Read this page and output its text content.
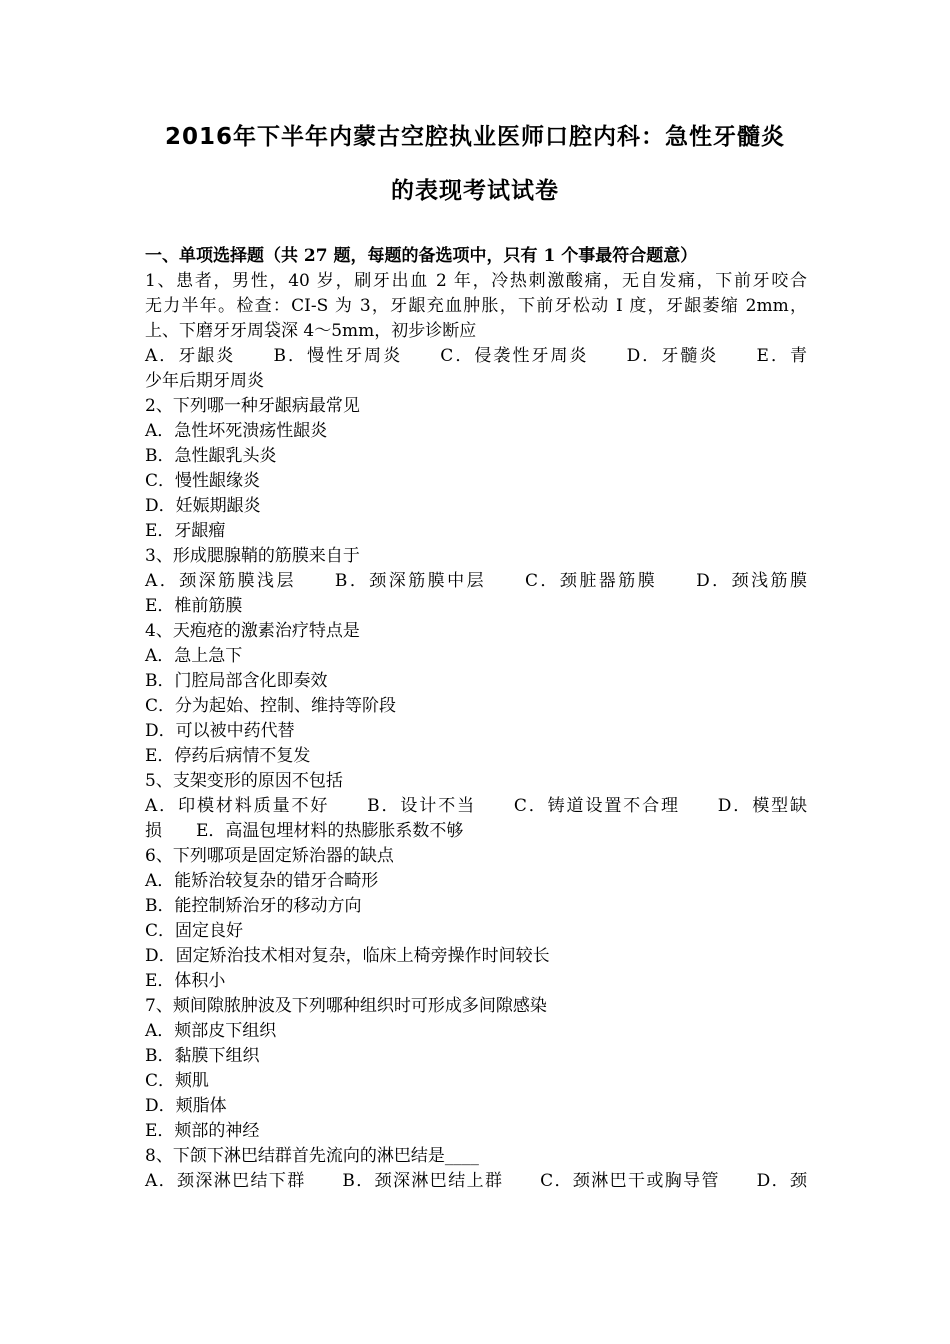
2016年下半年内蒙古空腔执业医师口腔内科：急性牙髓炎
的表现考试试卷
一、单项选择题（共 27 题，每题的备选项中，只有 1 个事最符合题意）
1、患者，男性，40 岁，刷牙出血 2 年，冷热刺激酸痛，无自发痛，下前牙咬合
无力半年。检查：CI-S 为 3，牙龈充血肿胀，下前牙松动 I 度，牙龈萎缩 2mm，
上、下磨牙牙周袋深 4～5mm，初步诊断应
A．牙龈炎　　B．慢性牙周炎　　C．侵袭性牙周炎　　D．牙髓炎　　E．青
少年后期牙周炎
2、下列哪一种牙龈病最常见
A．急性坏死溃疡性龈炎
B．急性龈乳头炎
C．慢性龈缘炎
D．妊娠期龈炎
E．牙龈瘤
3、形成腮腺鞘的筋膜来自于
A．颈深筋膜浅层　　B．颈深筋膜中层　　C．颈脏器筋膜　　D．颈浅筋膜
E．椎前筋膜
4、天疱疮的激素治疗特点是
A．急上急下
B．门腔局部含化即奏效
C．分为起始、控制、维持等阶段
D．可以被中药代替
E．停药后病情不复发
5、支架变形的原因不包括
A．印模材料质量不好　　B．设计不当　　C．铸道设置不合理　　D．模型缺
损　　E．高温包埋材料的热膨胀系数不够
6、下列哪项是固定矫治器的缺点
A．能矫治较复杂的错牙合畸形
B．能控制矫治牙的移动方向
C．固定良好
D．固定矫治技术相对复杂，临床上椅旁操作时间较长
E．体积小
7、颊间隙脓肿波及下列哪种组织时可形成多间隙感染
A．颊部皮下组织
B．黏膜下组织
C．颊肌
D．颊脂体
E．颊部的神经
8、下颌下淋巴结群首先流向的淋巴结是____
A．颈深淋巴结下群　　B．颈深淋巴结上群　　C．颈淋巴干或胸导管　　D．颈
